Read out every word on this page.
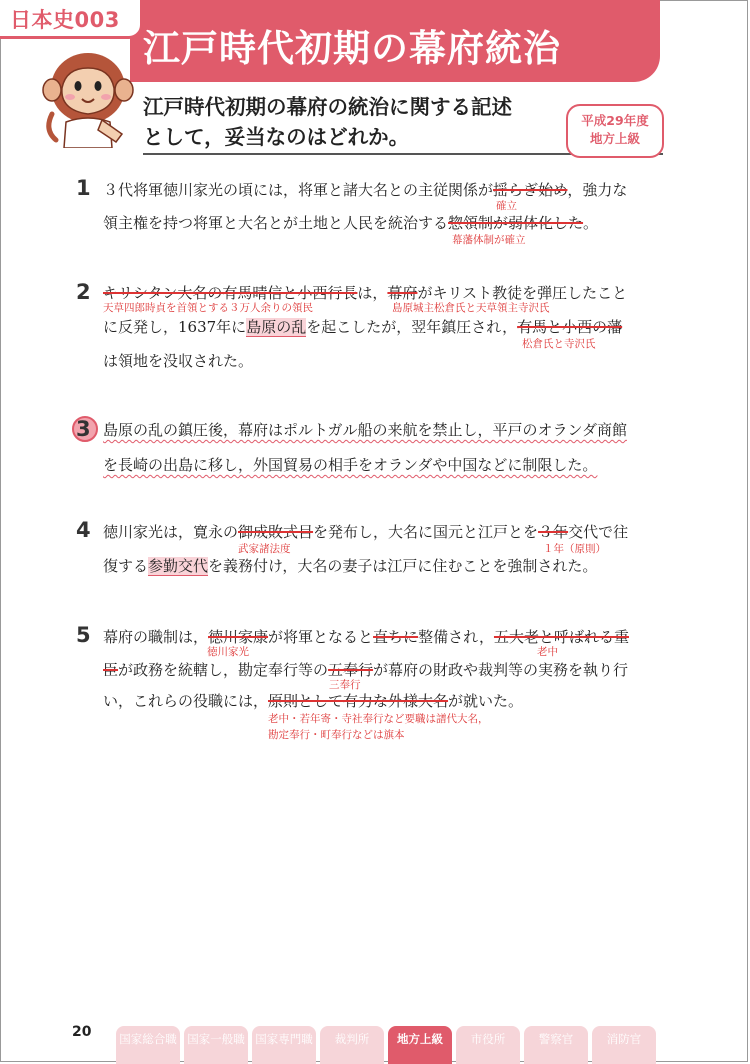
江戸時代初期の幕府統治
日本史003
江戸時代初期の幕府の統治に関する記述
として，妥当なのはどれか。
平成29年度
地方上級
1 ３代将軍徳川家光の頃には，将軍と諸大名との主従関係が揺らぎ始め，強力な
確立
領主権を持つ将軍と大名とが土地と人民を統治する惣領制が弱体化した。
幕藩体制が確立
2 キリシタン大名の有馬晴信と小西行長は，幕府がキリスト教徒を弾圧したこと
天草四郎時貞を首領とする３万人余りの領民	島原城主松倉氏と天草領主寺沢氏
に反発し，1637年に島原の乱を起こしたが，翌年鎮圧され，有馬と小西の藩
松倉氏と寺沢氏
は領地を没収された。
3 島原の乱の鎮圧後，幕府はポルトガル船の来航を禁止し，平戸のオランダ商館
を長崎の出島に移し，外国貿易の相手をオランダや中国などに制限した。
4 徳川家光は，寛永の御成敗式目を発布し，大名に国元と江戸とを３年交代で往
武家諸法度	１年（原則）
復する参勤交代を義務付け，大名の妻子は江戸に住むことを強制された。
5 幕府の職制は，徳川家康が将軍となると直ちに整備され，五大老と呼ばれる重
徳川家光	老中
臣が政務を統轄し，勘定奉行等の五奉行が幕府の財政や裁判等の実務を執り行
三奉行
い，これらの役職には，原則として有力な外様大名が就いた。
老中・若年寄・寺社奉行など要職は譜代大名，
勘定奉行・町奉行などは旗本
20 国家総合職 国家一般職 国家専門職	裁判所	地方上級	市役所	警察官	消防官
